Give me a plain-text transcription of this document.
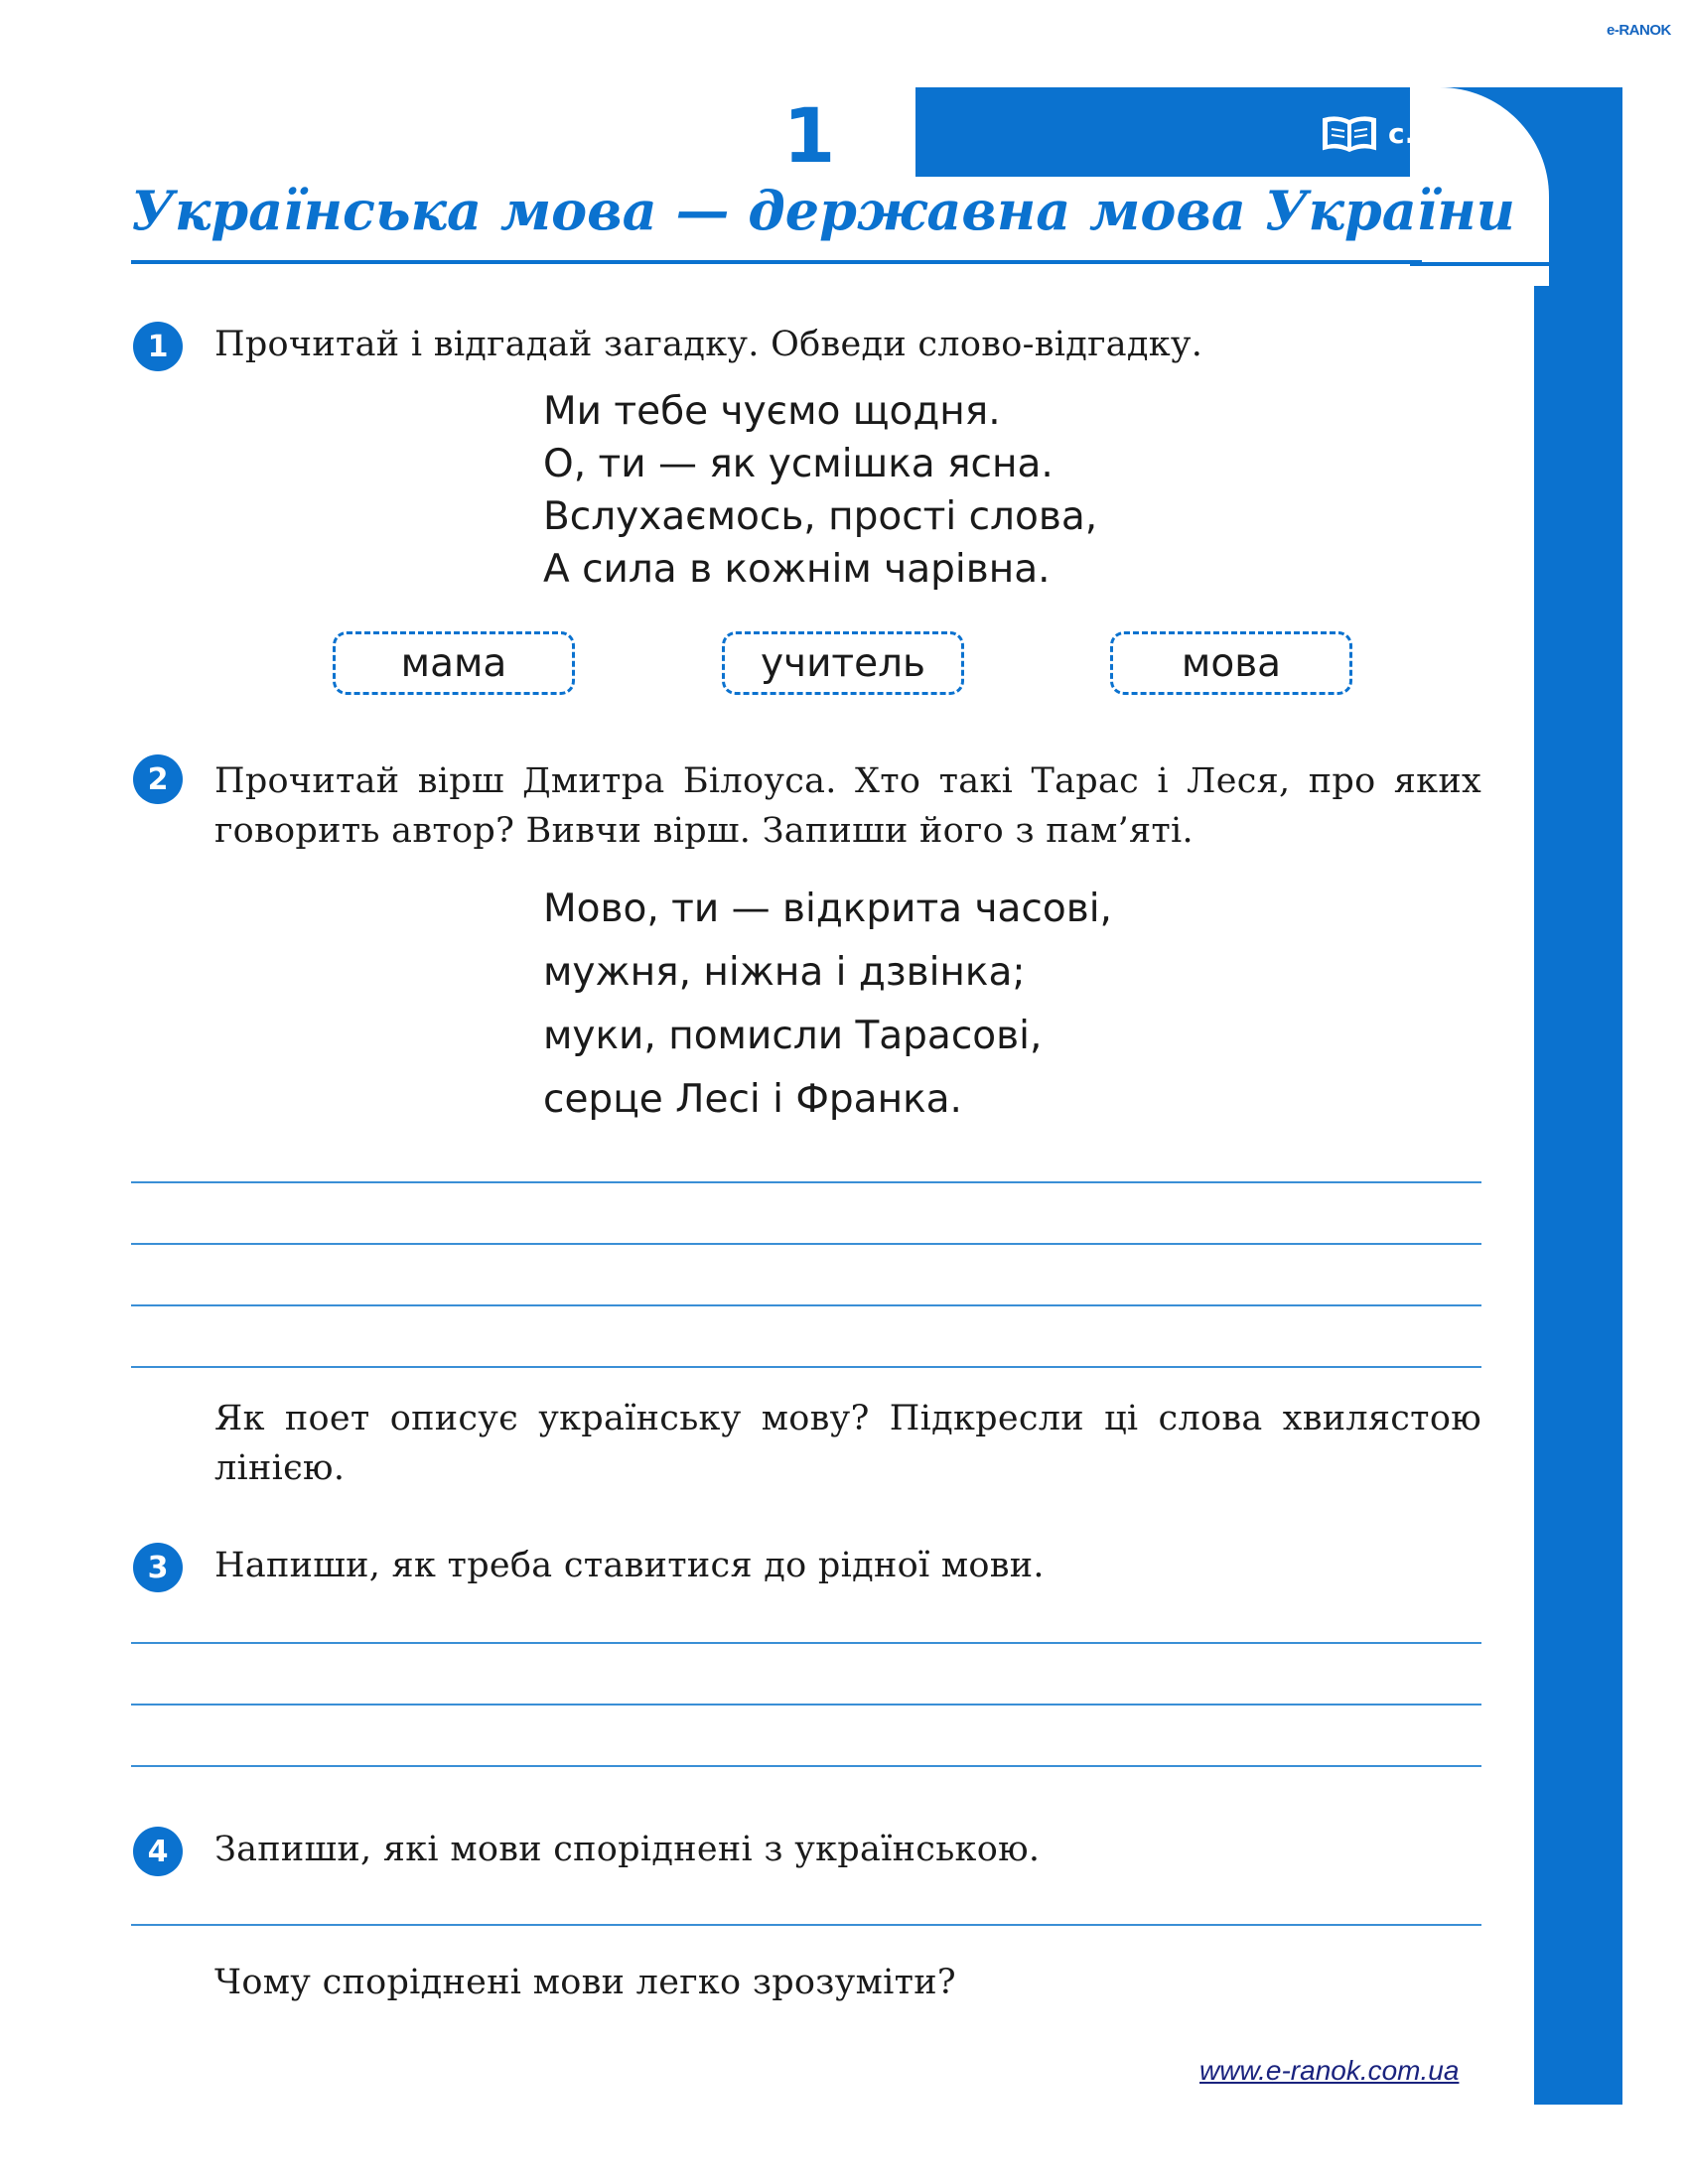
e-RANOK
1	с. 4–5
Українська мова — державна мова України
1	Прочитай і відгадай загадку. Обведи слово-відгадку.
Ми тебе чуємо щодня.
О, ти — як усмішка ясна.
Вслухаємось, прості слова,
А сила в кожнім чарівна.
мама	учитель	мова
2	Прочитай вірш Дмитра Білоуса. Хто такі Тарас і Леся, про яких говорить автор? Вивчи вірш. Запиши його з пам’яті.
Мово, ти — відкрита часові,
мужня, ніжна і дзвінка;
муки, помисли Тарасові,
серце Лесі і Франка.
Як поет описує українську мову? Підкресли ці слова хвилястою лінією.
3	Напиши, як треба ставитися до рідної мови.
4	Запиши, які мови споріднені з українською.
Чому споріднені мови легко зрозуміти?
www.e-ranok.com.ua
